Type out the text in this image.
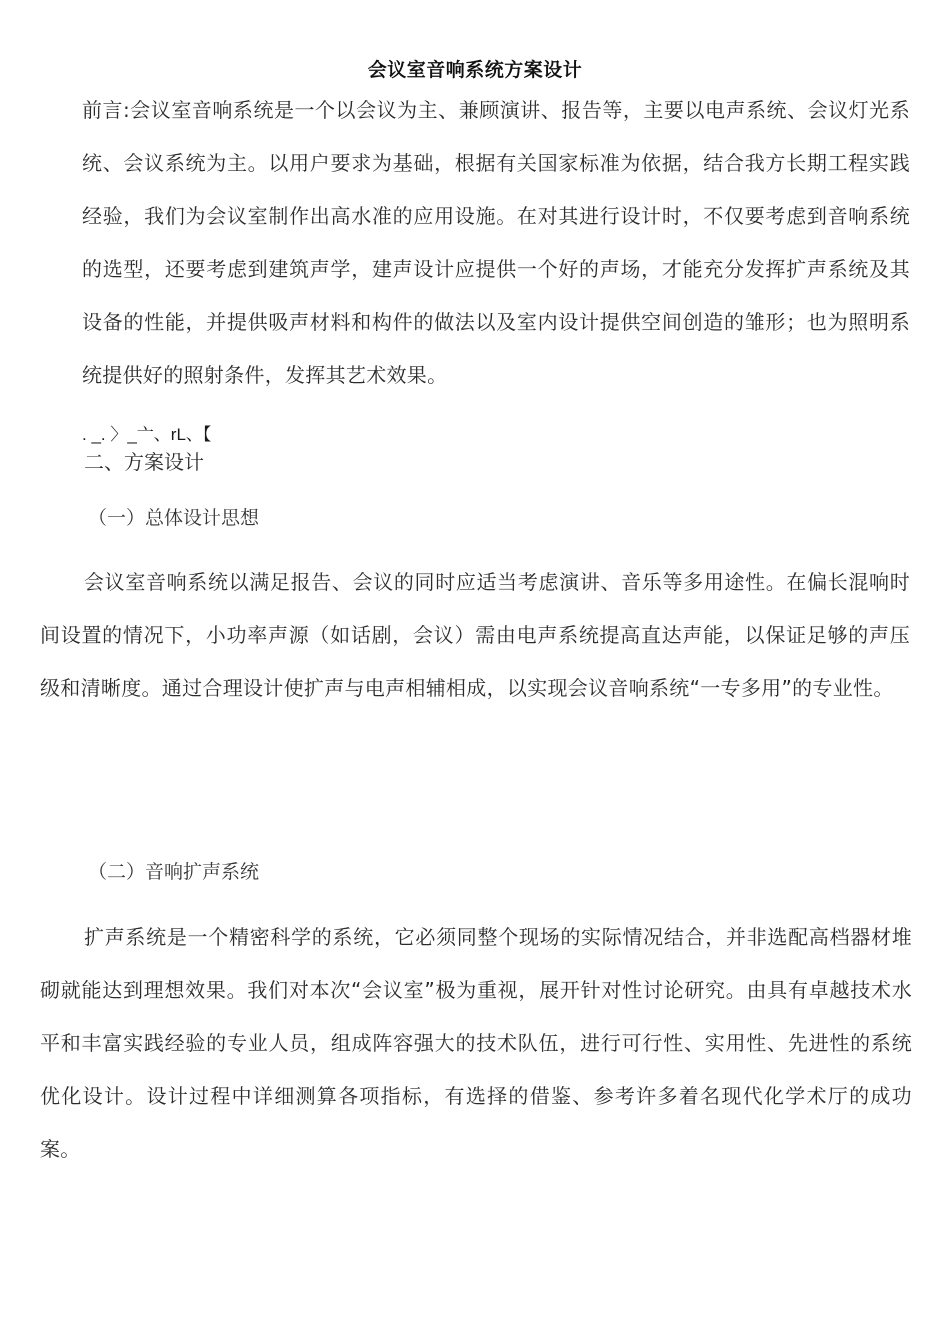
会议室音响系统方案设计

前言:会议室音响系统是一个以会议为主、兼顾演讲、报告等，主要以电声系统、会议灯光系统、会议系统为主。以用户要求为基础，根据有关国家标准为依据，结合我方长期工程实践经验，我们为会议室制作出高水准的应用设施。在对其进行设计时，不仅要考虑到音响系统的选型，还要考虑到建筑声学，建声设计应提供一个好的声场，才能充分发挥扩声系统及其设备的性能，并提供吸声材料和构件的做法以及室内设计提供空间创造的雏形；也为照明系统提供好的照射条件，发挥其艺术效果。

. _. 〉_亠、rL、【
二、方案设计
（一）总体设计思想

会议室音响系统以满足报告、会议的同时应适当考虑演讲、音乐等多用途性。在偏长混响时间设置的情况下，小功率声源（如话剧，会议）需由电声系统提高直达声能，以保证足够的声压级和清晰度。通过合理设计使扩声与电声相辅相成，以实现会议音响系统“一专多用”的专业性。

（二）音响扩声系统

扩声系统是一个精密科学的系统，它必须同整个现场的实际情况结合，并非选配高档器材堆砌就能达到理想效果。我们对本次“会议室”极为重视，展开针对性讨论研究。由具有卓越技术水平和丰富实践经验的专业人员，组成阵容强大的技术队伍，进行可行性、实用性、先进性的系统优化设计。设计过程中详细测算各项指标，有选择的借鉴、参考许多着名现代化学术厅的成功案。
